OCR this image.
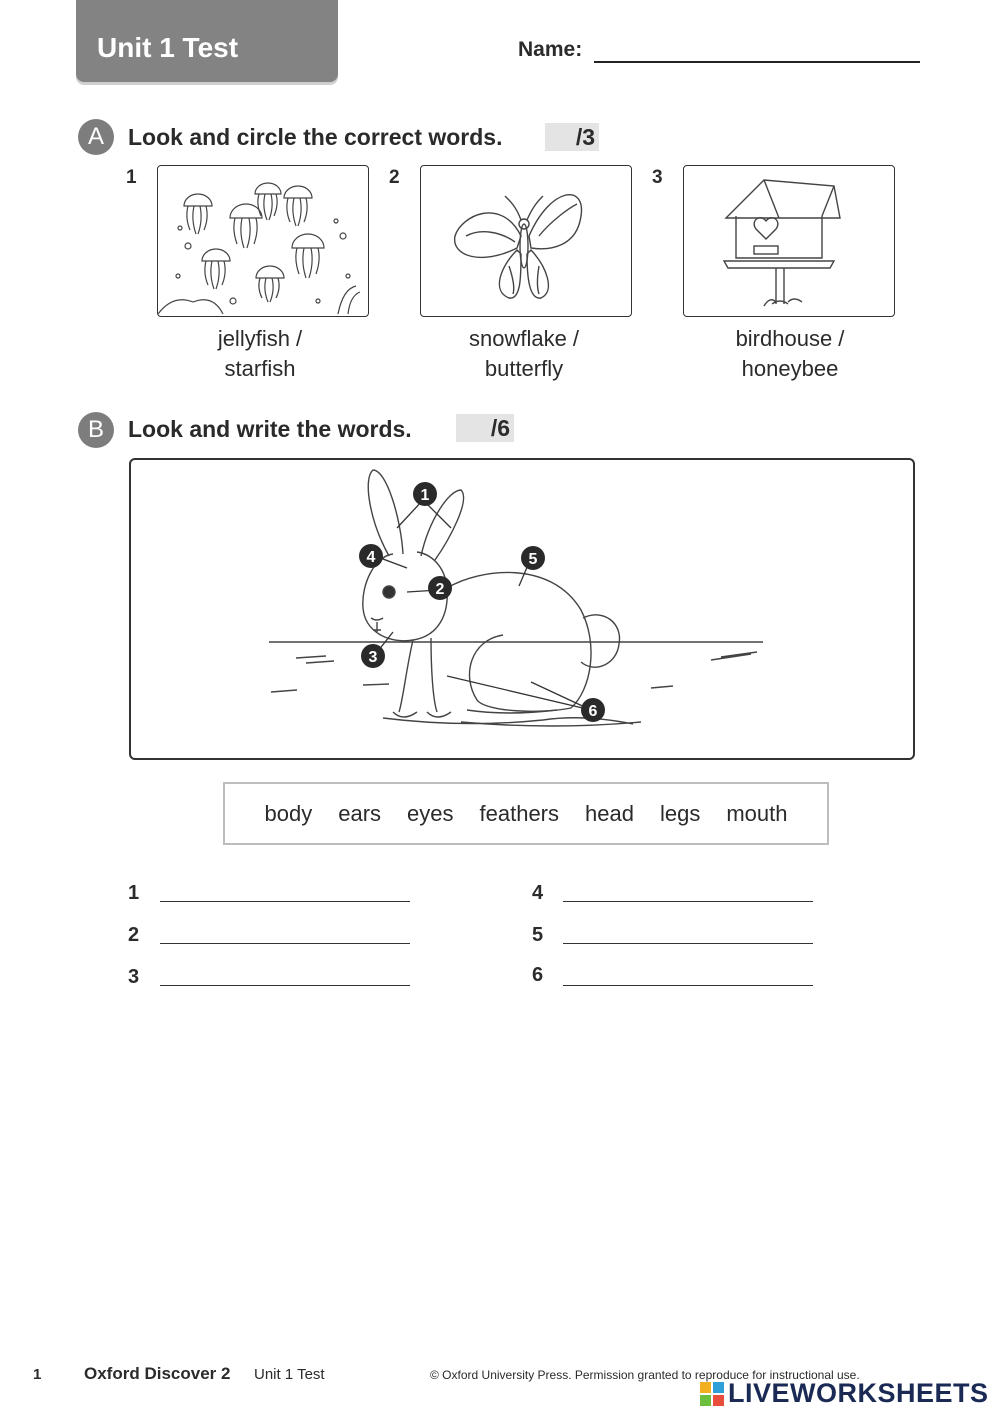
Unit 1 Test	Name:
A Look and circle the correct words.	/3
1
jellyfish /
starfish
2
snowflake /
butterfly
3
birdhouse /
honeybee
B Look and write the words.	/6
1
2
3
4	5
6
body ears eyes feathers head legs mouth
1
2
3
4
5
6
1	Oxford Discover 2 Unit 1 Test	© Oxford University Press. Permission granted to reproduce for instructional use.
LIVEWORKSHEETS
